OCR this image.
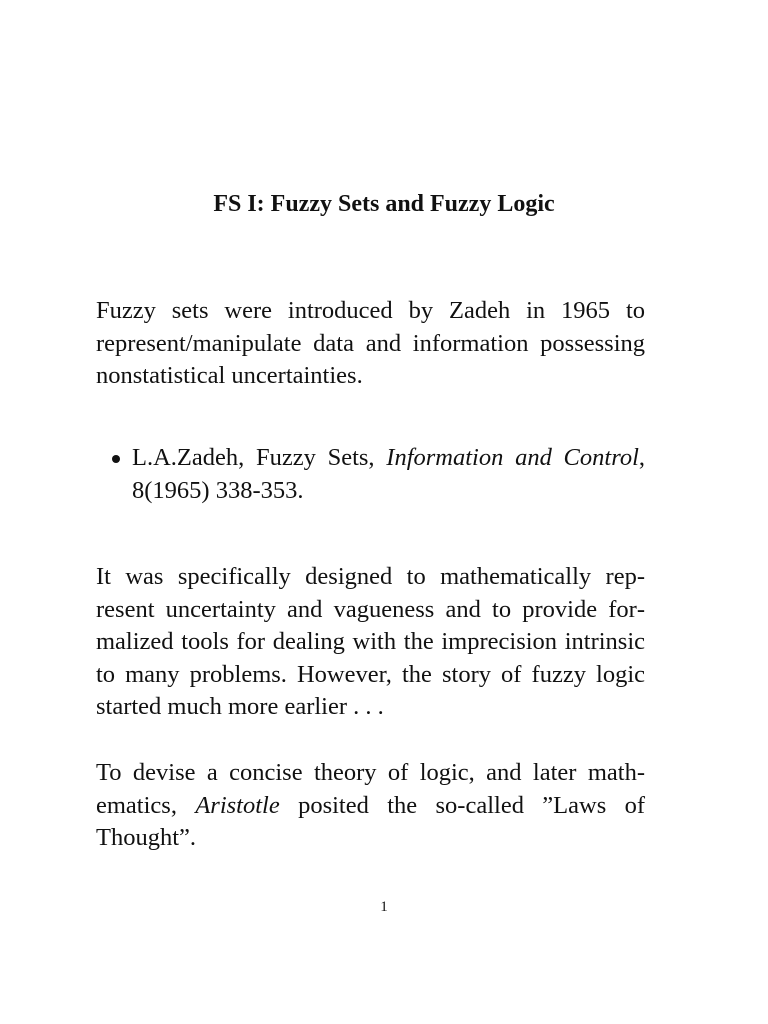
FS I: Fuzzy Sets and Fuzzy Logic

Fuzzy sets were introduced by Zadeh in 1965 to represent/manipulate data and information possessing nonstatistical uncertainties.

L.A.Zadeh, Fuzzy Sets, Information and Control, 8(1965) 338-353.

It was specifically designed to mathematically represent uncertainty and vagueness and to provide formalized tools for dealing with the imprecision intrinsic to many problems. However, the story of fuzzy logic started much more earlier . . .

To devise a concise theory of logic, and later mathematics, Aristotle posited the so-called ”Laws of Thought”.

1
